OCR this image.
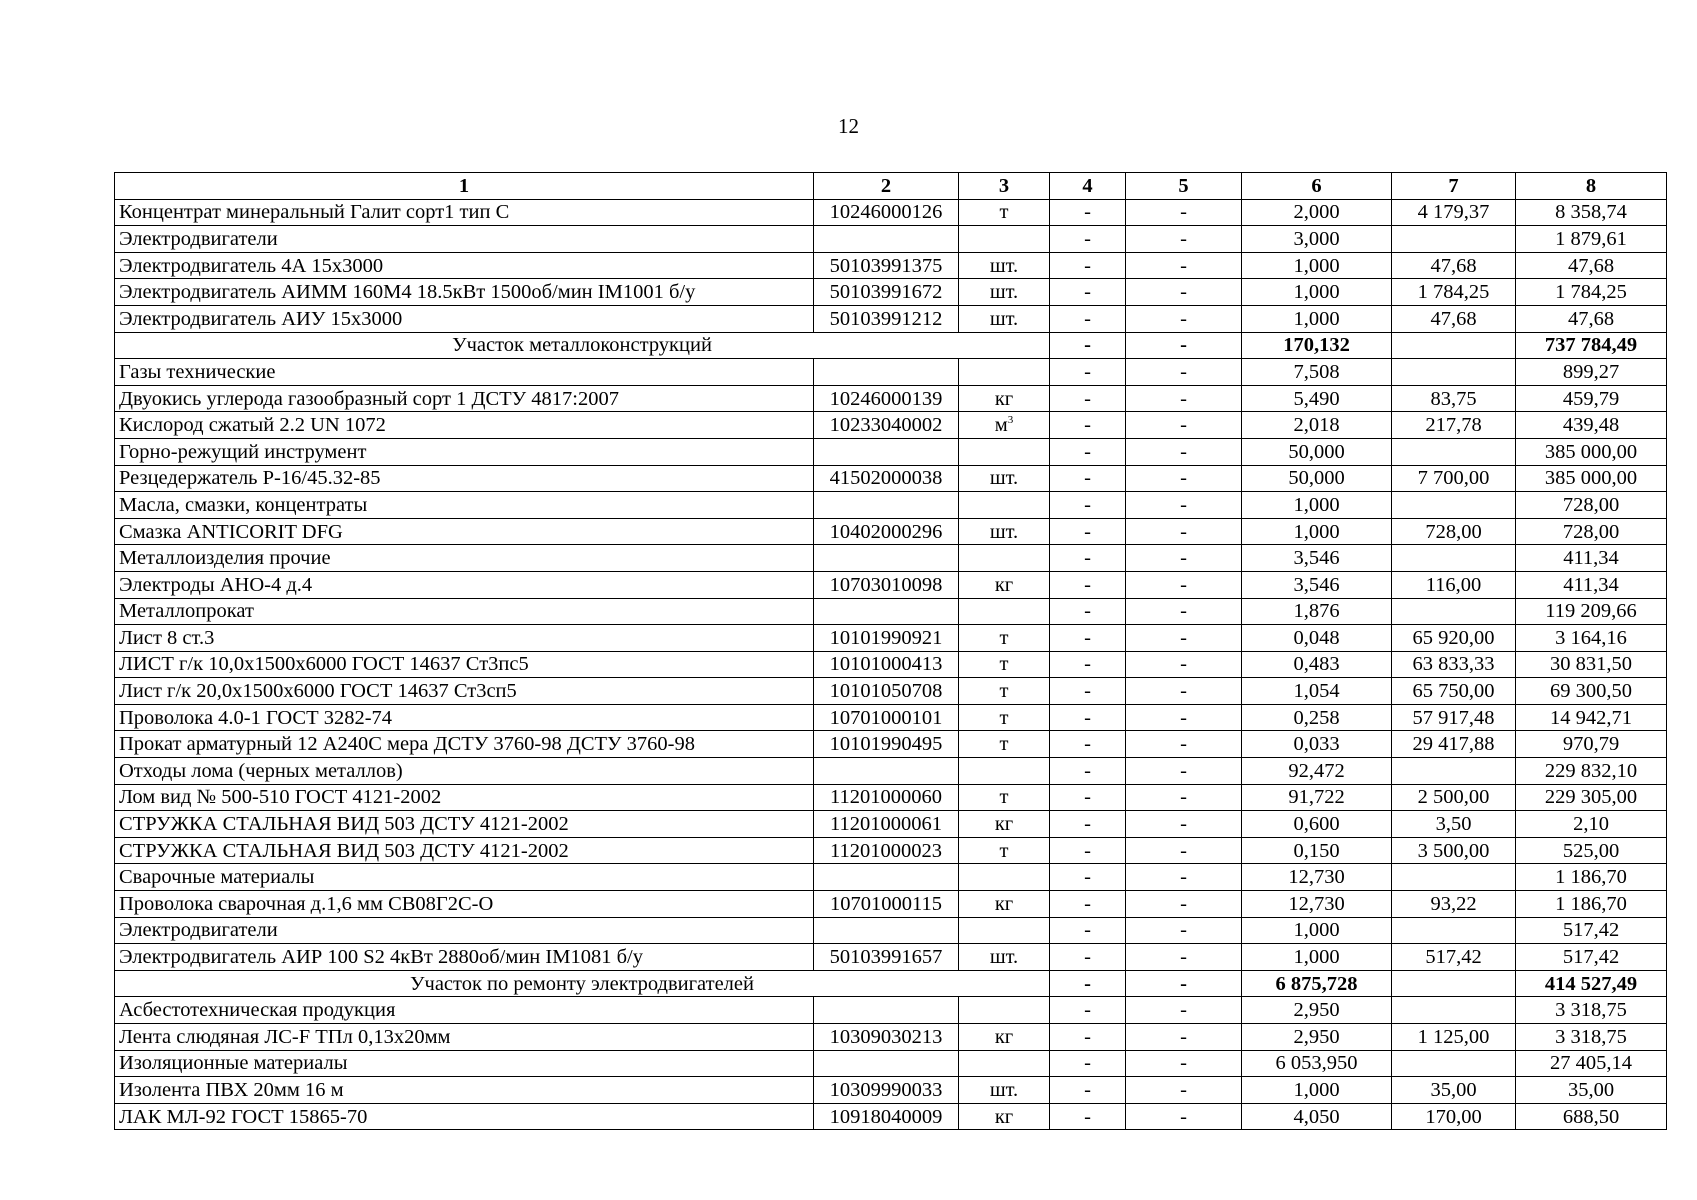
12
1	2	3	4	5	6	7	8
Концентрат минеральный Галит сорт1 тип С	10246000126	т	-	-	2,000	4 179,37	8 358,74
Электродвигатели			-	-	3,000		1 879,61
Электродвигатель 4А 15х3000	50103991375	шт.	-	-	1,000	47,68	47,68
Электродвигатель АИММ 160М4 18.5кВт 1500об/мин IM1001 б/у	50103991672	шт.	-	-	1,000	1 784,25	1 784,25
Электродвигатель АИУ 15х3000	50103991212	шт.	-	-	1,000	47,68	47,68
Участок металлоконструкций			-	-	170,132		737 784,49
Газы технические			-	-	7,508		899,27
Двуокись углерода газообразный сорт 1 ДСТУ 4817:2007	10246000139	кг	-	-	5,490	83,75	459,79
Кислород сжатый 2.2 UN 1072	10233040002	$м^3$	-	-	2,018	217,78	439,48
Горно-режущий инструмент			-	-	50,000		385 000,00
Резцедержатель Р-16/45.32-85	41502000038	шт.	-	-	50,000	7 700,00	385 000,00
Масла, смазки, концентраты			-	-	1,000		728,00
Смазка ANTICORIT DFG	10402000296	шт.	-	-	1,000	728,00	728,00
Металлоизделия прочие			-	-	3,546		411,34
Электроды АНО-4 д.4	10703010098	кг	-	-	3,546	116,00	411,34
Металлопрокат			-	-	1,876		119 209,66
Лист 8 ст.3	10101990921	т	-	-	0,048	65 920,00	3 164,16
ЛИСТ г/к 10,0х1500х6000 ГОСТ 14637 Ст3пс5	10101000413	т	-	-	0,483	63 833,33	30 831,50
Лист г/к 20,0х1500х6000 ГОСТ 14637 Ст3сп5	10101050708	т	-	-	1,054	65 750,00	69 300,50
Проволока 4.0-1 ГОСТ 3282-74	10701000101	т	-	-	0,258	57 917,48	14 942,71
Прокат арматурный 12 А240С мера ДСТУ 3760-98 ДСТУ 3760-98	10101990495	т	-	-	0,033	29 417,88	970,79
Отходы лома (черных металлов)			-	-	92,472		229 832,10
Лом вид № 500-510 ГОСТ 4121-2002	11201000060	т	-	-	91,722	2 500,00	229 305,00
СТРУЖКА СТАЛЬНАЯ ВИД 503 ДСТУ 4121-2002	11201000061	кг	-	-	0,600	3,50	2,10
СТРУЖКА СТАЛЬНАЯ ВИД 503 ДСТУ 4121-2002	11201000023	т	-	-	0,150	3 500,00	525,00
Сварочные материалы			-	-	12,730		1 186,70
Проволока сварочная д.1,6 мм СВ08Г2С-О	10701000115	кг	-	-	12,730	93,22	1 186,70
Электродвигатели			-	-	1,000		517,42
Электродвигатель АИР 100 S2 4кВт 2880об/мин IM1081 б/у	50103991657	шт.	-	-	1,000	517,42	517,42
Участок по ремонту электродвигателей			-	-	6 875,728		414 527,49
Асбестотехническая продукция			-	-	2,950		3 318,75
Лента слюдяная ЛС-F ТПл 0,13х20мм	10309030213	кг	-	-	2,950	1 125,00	3 318,75
Изоляционные материалы			-	-	6 053,950		27 405,14
Изолента ПВХ 20мм 16 м	10309990033	шт.	-	-	1,000	35,00	35,00
ЛАК МЛ-92 ГОСТ 15865-70	10918040009	кг	-	-	4,050	170,00	688,50
